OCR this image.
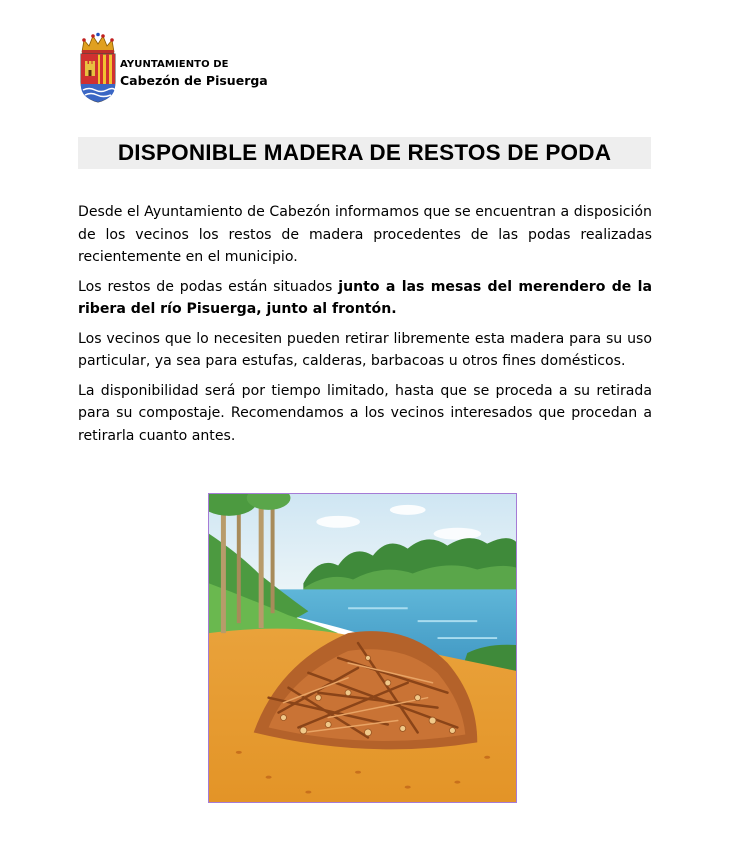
AYUNTAMIENTO DE
Cabezón de Pisuerga
DISPONIBLE MADERA DE RESTOS DE PODA

Desde el Ayuntamiento de Cabezón informamos que se encuentran a disposición de los vecinos los restos de madera procedentes de las podas realizadas recientemente en el municipio.

Los restos de podas están situados junto a las mesas del merendero de la ribera del río Pisuerga, junto al frontón.

Los vecinos que lo necesiten pueden retirar libremente esta madera para su uso particular, ya sea para estufas, calderas, barbacoas u otros fines domésticos.

La disponibilidad será por tiempo limitado, hasta que se proceda a su retirada para su compostaje. Recomendamos a los vecinos interesados que procedan a retirarla cuanto antes.
